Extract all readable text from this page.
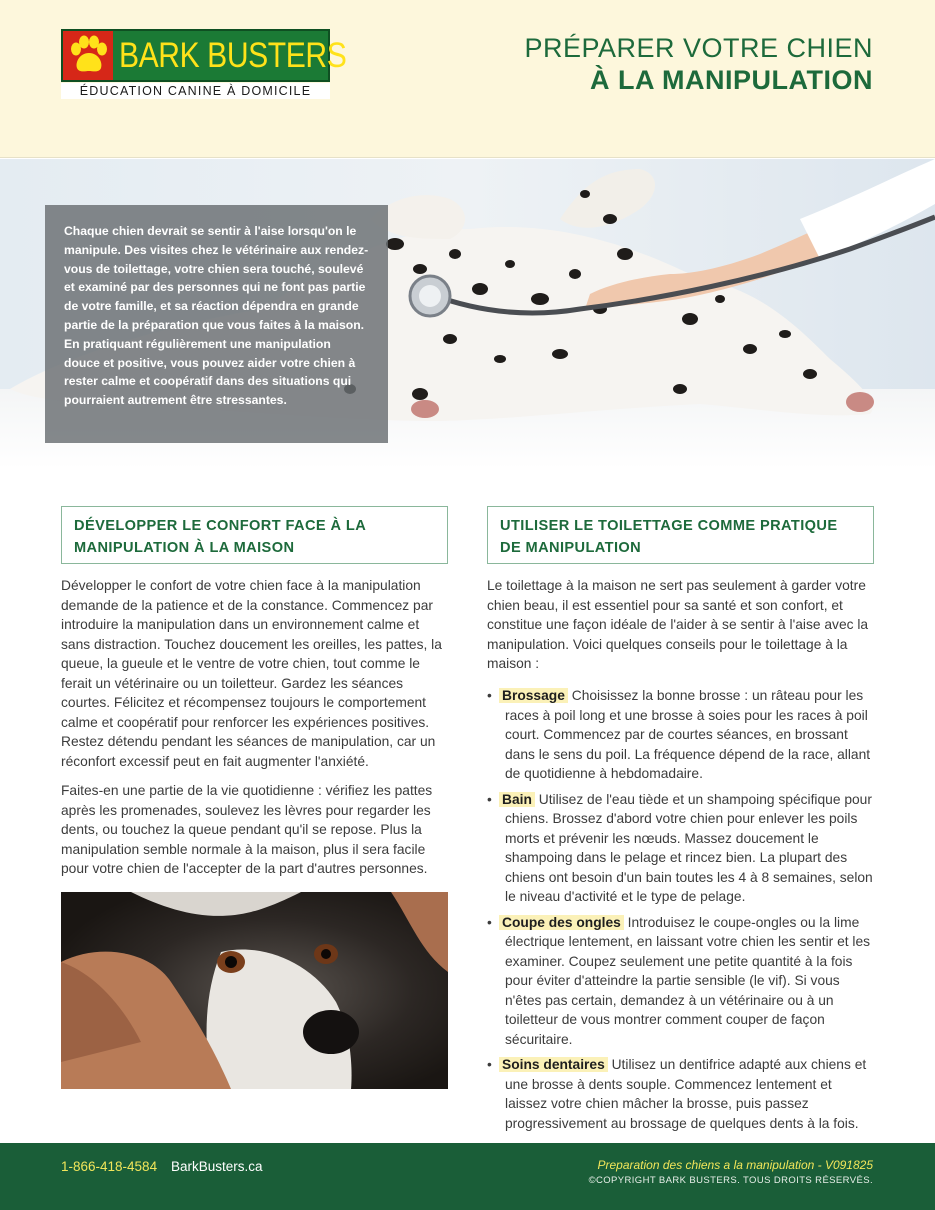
BARK BUSTERS
ÉDUCATION CANINE À DOMICILE
PRÉPARER VOTRE CHIEN
À LA MANIPULATION
Chaque chien devrait se sentir à l'aise lorsqu'on le manipule. Des visites chez le vétérinaire aux rendez-vous de toilettage, votre chien sera touché, soulevé et examiné par des personnes qui ne font pas partie de votre famille, et sa réaction dépendra en grande partie de la préparation que vous faites à la maison. En pratiquant régulièrement une manipulation douce et positive, vous pouvez aider votre chien à rester calme et coopératif dans des situations qui pourraient autrement être stressantes.
DÉVELOPPER LE CONFORT FACE À LA MANIPULATION À LA MAISON

Développer le confort de votre chien face à la manipulation demande de la patience et de la constance. Commencez par introduire la manipulation dans un environnement calme et sans distraction. Touchez doucement les oreilles, les pattes, la queue, la gueule et le ventre de votre chien, tout comme le ferait un vétérinaire ou un toiletteur. Gardez les séances courtes. Félicitez et récompensez toujours le comportement calme et coopératif pour renforcer les expériences positives. Restez détendu pendant les séances de manipulation, car un réconfort excessif peut en fait augmenter l'anxiété.

Faites-en une partie de la vie quotidienne : vérifiez les pattes après les promenades, soulevez les lèvres pour regarder les dents, ou touchez la queue pendant qu'il se repose. Plus la manipulation semble normale à la maison, plus il sera facile pour votre chien de l'accepter de la part d'autres personnes.

UTILISER LE TOILETTAGE COMME PRATIQUE DE MANIPULATION
Le toilettage à la maison ne sert pas seulement à garder votre chien beau, il est essentiel pour sa santé et son confort, et constitue une façon idéale de l'aider à se sentir à l'aise avec la manipulation. Voici quelques conseils pour le toilettage à la maison :
• Brossage Choisissez la bonne brosse : un râteau pour les races à poil long et une brosse à soies pour les races à poil court. Commencez par de courtes séances, en brossant dans le sens du poil. La fréquence dépend de la race, allant de quotidienne à hebdomadaire.
• Bain Utilisez de l'eau tiède et un shampoing spécifique pour chiens. Brossez d'abord votre chien pour enlever les poils morts et prévenir les nœuds. Massez doucement le shampoing dans le pelage et rincez bien. La plupart des chiens ont besoin d'un bain toutes les 4 à 8 semaines, selon le niveau d'activité et le type de pelage.
• Coupe des ongles Introduisez le coupe-ongles ou la lime électrique lentement, en laissant votre chien les sentir et les examiner. Coupez seulement une petite quantité à la fois pour éviter d'atteindre la partie sensible (le vif). Si vous n'êtes pas certain, demandez à un vétérinaire ou à un toiletteur de vous montrer comment couper de façon sécuritaire.
• Soins dentaires Utilisez un dentifrice adapté aux chiens et une brosse à dents souple. Commencez lentement et laissez votre chien mâcher la brosse, puis passez progressivement au brossage de quelques dents à la fois.
1-866-418-4584 BarkBusters.ca	Preparation des chiens a la manipulation - V091825
©COPYRIGHT BARK BUSTERS. TOUS DROITS RÉSERVÉS.
